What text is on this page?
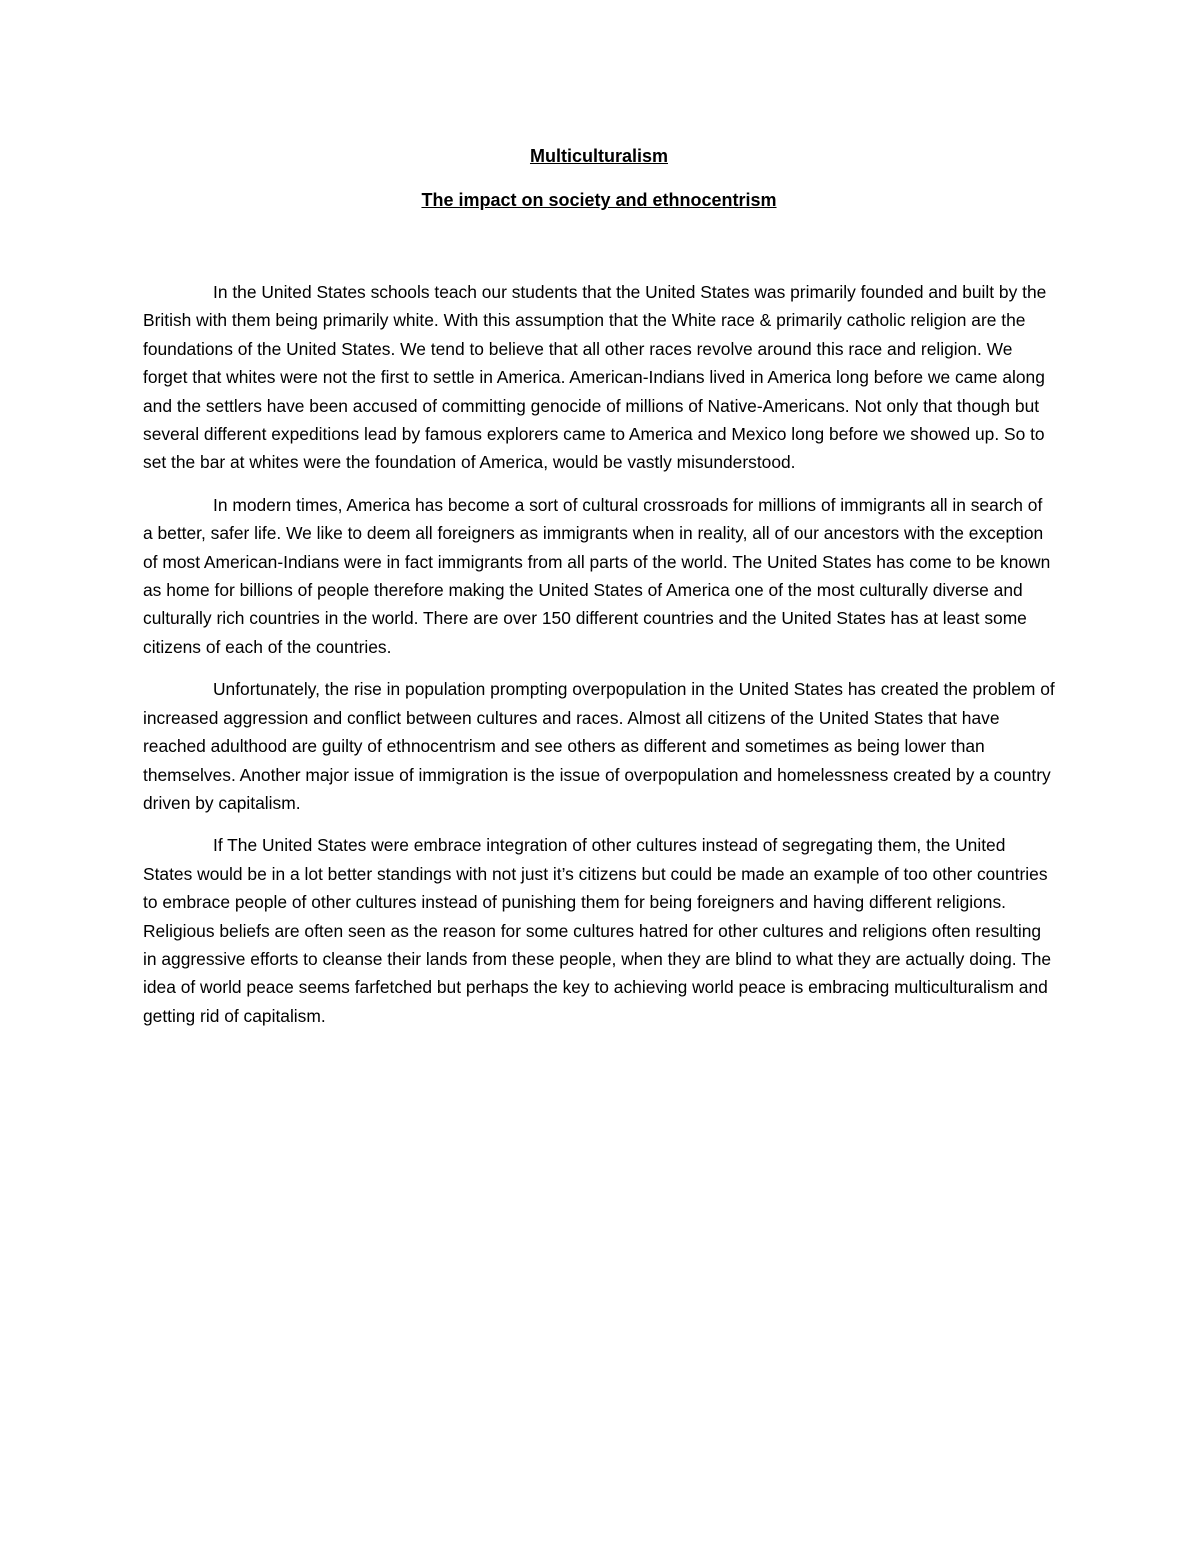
Multiculturalism

The impact on society and ethnocentrism

In the United States schools teach our students that the United States was primarily founded and built by the British with them being primarily white. With this assumption that the White race & primarily catholic religion are the foundations of the United States. We tend to believe that all other races revolve around this race and religion. We forget that whites were not the first to settle in America. American-Indians lived in America long before we came along and the settlers have been accused of committing genocide of millions of Native-Americans. Not only that though but several different expeditions lead by famous explorers came to America and Mexico long before we showed up. So to set the bar at whites were the foundation of America, would be vastly misunderstood.

In modern times, America has become a sort of cultural crossroads for millions of immigrants all in search of a better, safer life. We like to deem all foreigners as immigrants when in reality, all of our ancestors with the exception of most American-Indians were in fact immigrants from all parts of the world. The United States has come to be known as home for billions of people therefore making the United States of America one of the most culturally diverse and culturally rich countries in the world. There are over 150 different countries and the United States has at least some citizens of each of the countries.

Unfortunately, the rise in population prompting overpopulation in the United States has created the problem of increased aggression and conflict between cultures and races. Almost all citizens of the United States that have reached adulthood are guilty of ethnocentrism and see others as different and sometimes as being lower than themselves. Another major issue of immigration is the issue of overpopulation and homelessness created by a country driven by capitalism.

If The United States were embrace integration of other cultures instead of segregating them, the United States would be in a lot better standings with not just it’s citizens but could be made an example of too other countries to embrace people of other cultures instead of punishing them for being foreigners and having different religions. Religious beliefs are often seen as the reason for some cultures hatred for other cultures and religions often resulting in aggressive efforts to cleanse their lands from these people, when they are blind to what they are actually doing. The idea of world peace seems farfetched but perhaps the key to achieving world peace is embracing multiculturalism and getting rid of capitalism.
